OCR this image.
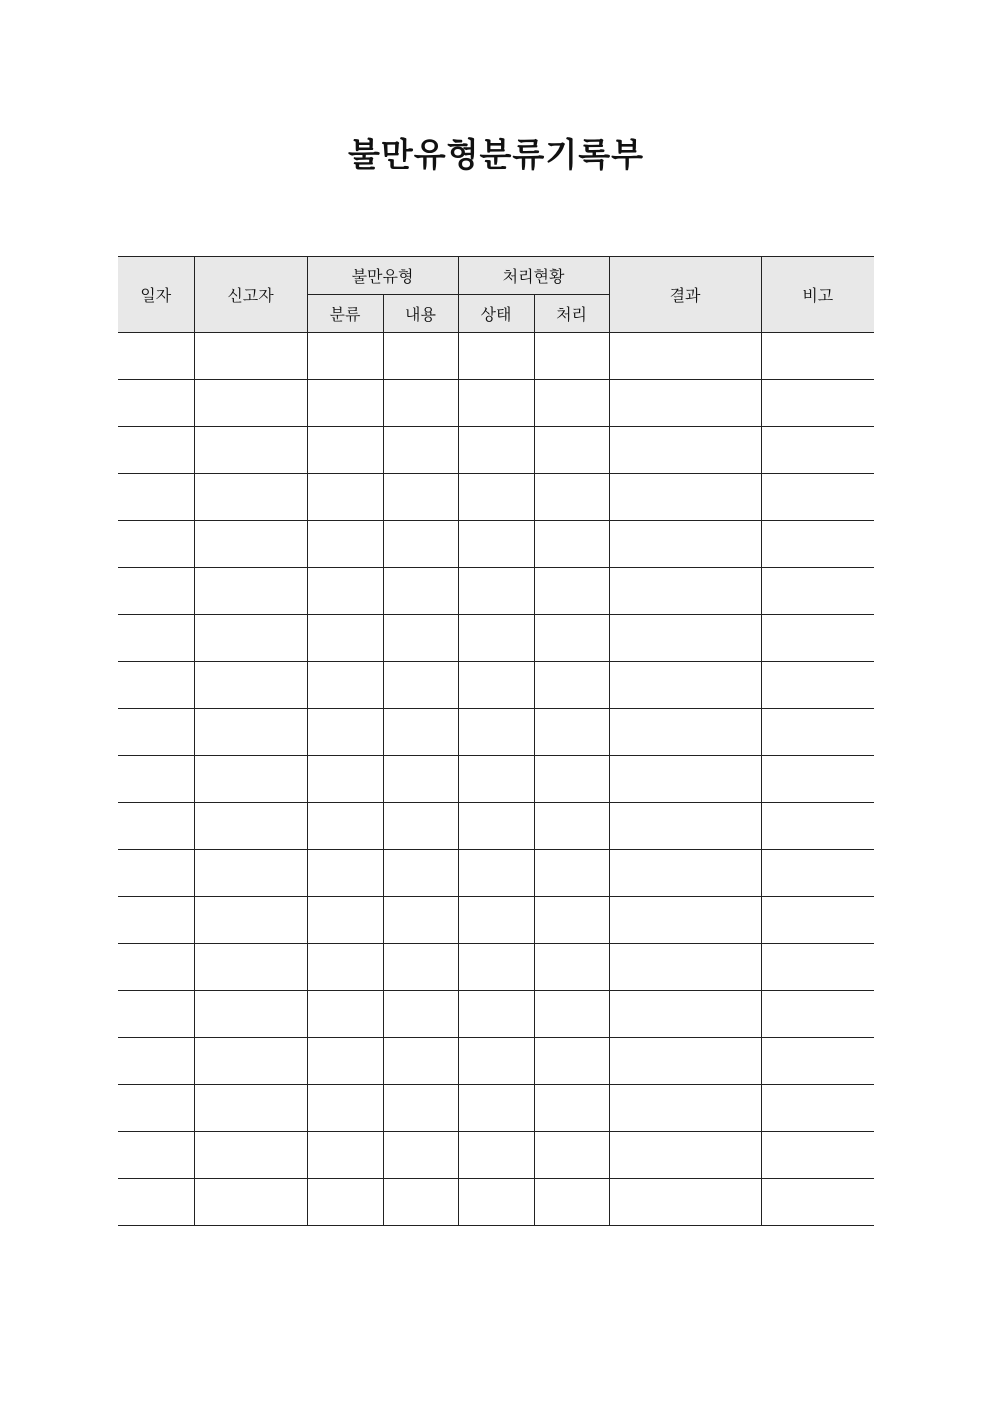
불만유형분류기록부
일자	신고자	불만유형		처리현황		결과	비고
		분류	내용	상태	처리		
